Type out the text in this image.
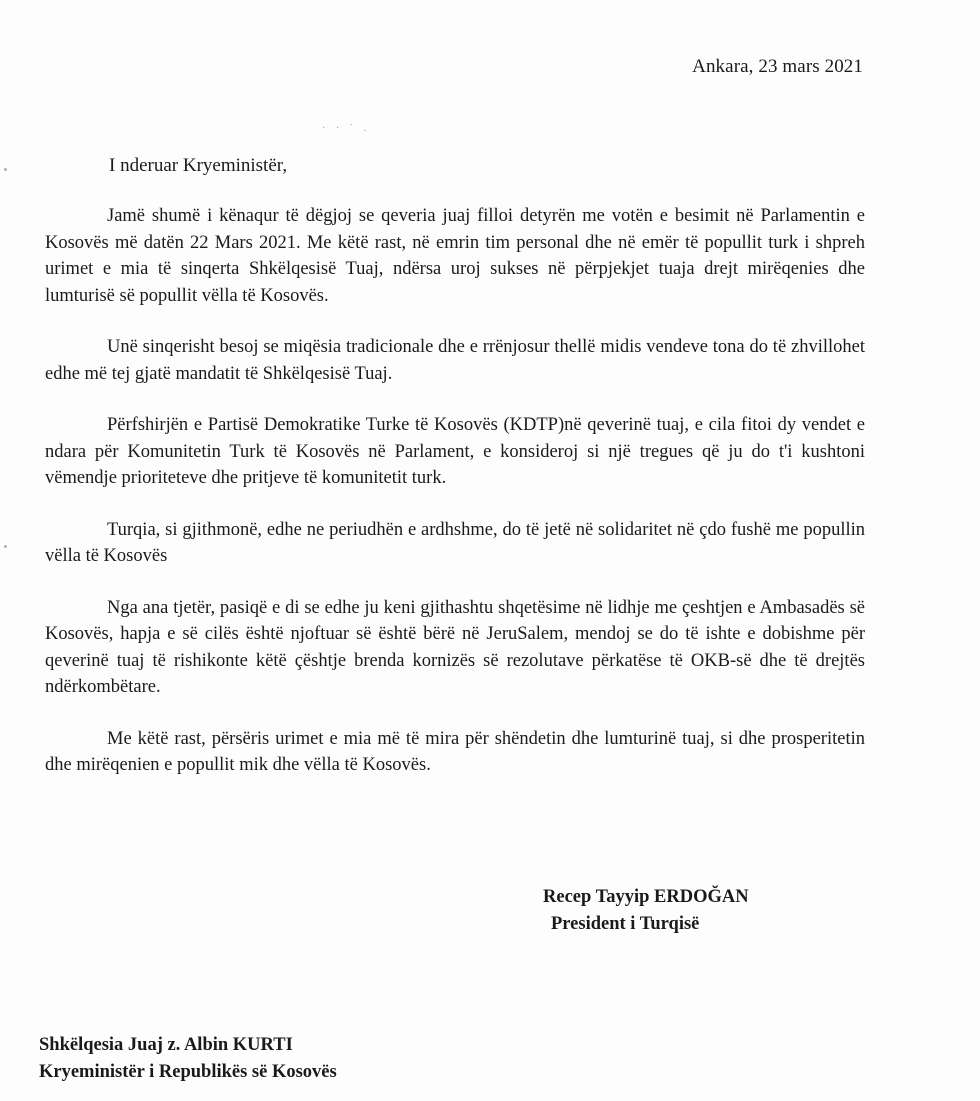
· · ˙ .
Ankara, 23 mars 2021
I nderuar Kryeministër,

Jamë shumë i kënaqur të dëgjoj se qeveria juaj filloi detyrën me votën e besimit në Parlamentin e Kosovës më datën 22 Mars 2021. Me këtë rast, në emrin tim personal dhe në emër të popullit turk i shpreh urimet e mia të sinqerta Shkëlqesisë Tuaj, ndërsa uroj sukses në përpjekjet tuaja drejt mirëqenies dhe lumturisë së popullit vëlla të Kosovës.

Unë sinqerisht besoj se miqësia tradicionale dhe e rrënjosur thellë midis vendeve tona do të zhvillohet edhe më tej gjatë mandatit të Shkëlqesisë Tuaj.

Përfshirjën e Partisë Demokratike Turke të Kosovës (KDTP)në qeverinë tuaj, e cila fitoi dy vendet e ndara për Komunitetin Turk të Kosovës në Parlament, e konsideroj si një tregues që ju do t'i kushtoni vëmendje prioriteteve dhe pritjeve të komunitetit turk.

Turqia, si gjithmonë, edhe ne periudhën e ardhshme, do të jetë në solidaritet në çdo fushë me popullin vëlla të Kosovës

Nga ana tjetër, pasiqë e di se edhe ju keni gjithashtu shqetësime në lidhje me çeshtjen e Ambasadës së Kosovës, hapja e së cilës është njoftuar së është bërë në JeruSalem, mendoj se do të ishte e dobishme për qeverinë tuaj të rishikonte këtë çështje brenda kornizës së rezolutave përkatëse të OKB-së dhe të drejtës ndërkombëtare.

Me këtë rast, përsëris urimet e mia më të mira për shëndetin dhe lumturinë tuaj, si dhe prosperitetin dhe mirëqenien e popullit mik dhe vëlla të Kosovës.

Recep Tayyip ERDOĞAN
President i Turqisë
Shkëlqesia Juaj z. Albin KURTI
Kryeministër i Republikës së Kosovës
